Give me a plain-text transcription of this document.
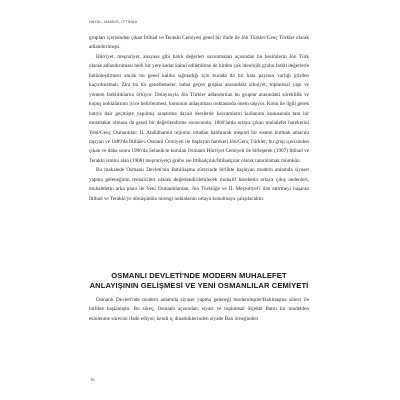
HAYAL, NAMUS, İTTİHAD

grupları içerisinden çıkan İttihad ve Terakki Cemiyeti genel bir ifade ile Jön Türkler/Genç Türkler olarak adlandırılmıştı.

Hürriyet, meşrutiyet, anayasa gibi batılı değerleri savunmaları açısından bu kesimlerin Jön Türk olarak adlandırılması belli bir yere kadar kabul edilebilirse de birden çok ideolojik grubu farklı değerlerle bütünleştirmesi ancak bu genel kalıba sığmadığı için burada da bir hata payının varlığı gözden kaçırılmamalı. Zira bu tür genellemeler, bahsi geçen gruplar arasındaki zihniyet, toplumsal yapı ve yöntem farklılıklarını örtüyor. Dolayısıyla Jön Türkler adlandırılan bu gruplar arasındaki süreklilik ve kopuş noktalarının iyice belirlenmesi, konunun anlaşılması noktasında önem taşıyor. Konu ile ilgili gerek batıya dair geçmişte yapılmış araştırma dayalı eserlerde kavramların kullanımı konusunda tam bir mutabakat olmasa da genel bir değerlendirme sonucunda, 1860'larda ortaya çıkan muhalefet hareketini Yeni/Genç Osmanlılar; II. Abdülhamid rejimini ortadan kaldırarak meşruti bir sistem kurmak amacını taşıyan ve 1889'da İttihâd-ı Osmanî Cemiyeti ile başlayan hareketi Jön/Genç Türkler; bu grup içerisinden çıkan ve daha sonra 1906'da Selanik'te kurulan Osmanlı Hürriyet Cemiyeti ile birleşerek (1907) İttihad ve Terakki ismini alan (1908) meşrutiyetçi grubu ise İttihadçılık/İttihadçılar olarak tanımlamak mümkün.

Bu makalede Osmanlı Devleti'nin Batılılaşma sürecinde birlikte başlayan modern anlamda siyaset yapma geleneğinin temsilcileri olarak değerlendirilebilecek muhalif hareketin ortaya çıkış nedenleri, muhalefetin arka planı ile Yeni Osmanlılardan, Jön Türklüğe ve II. Meşrutiyet'i ilan ettirmeyi başaran İttihad ve Terakki'ye dönüşümün nirengi noktalarını ortaya konulmaya çalışılacaktır.

OSMANLI DEVLETİ'NDE MODERN MUHALEFET ANLAYIŞININ GELİŞMESİ VE YENİ OSMANLILAR CEMİYETİ

Osmanlı Devleti'nde modern anlamda siyaset yapma geleneği modernleşme/Batılılaşma süreci ile birlikte başlamıştır. Bu süreç, Osmanlı açısından, siyasi ve toplumsal ölçekte Batılı bir modelden esinlenme sürecini ifade ediyor; kendi iç dinamiklerinden ziyade Batı örneğinden

16
